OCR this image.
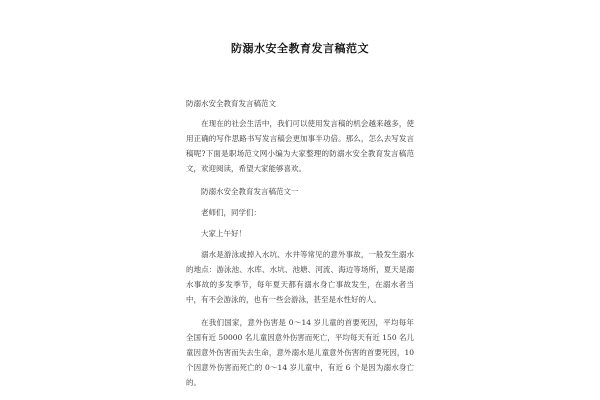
防溺水安全教育发言稿范文

防溺水安全教育发言稿范文

在现在的社会生活中，我们可以使用发言稿的机会越来越多，使用正确的写作思路书写发言稿会更加事半功倍。那么，怎么去写发言稿呢?下面是职场范文网小编为大家整理的防溺水安全教育发言稿范文，欢迎阅读，希望大家能够喜欢。

防溺水安全教育发言稿范文一

老师们，同学们：

大家上午好！

溺水是游泳或掉入水坑、水井等常见的意外事故，一般发生溺水的地点：游泳池、水库、水坑、池塘、河流、海边等场所，夏天是溺水事故的多发季节，每年夏天都有溺水身亡事故发生，在溺水者当中，有不会游泳的，也有一些会游泳，甚至是水性好的人。

在我们国家，意外伤害是 0～14 岁儿童的首要死因，平均每年全国有近 50000 名儿童因意外伤害而死亡，平均每天有近 150 名儿童因意外伤害而失去生命，意外溺水是儿童意外伤害的首要死因，10 个因意外伤害而死亡的 0～14 岁儿童中，有近 6 个是因为溺水身亡的。
